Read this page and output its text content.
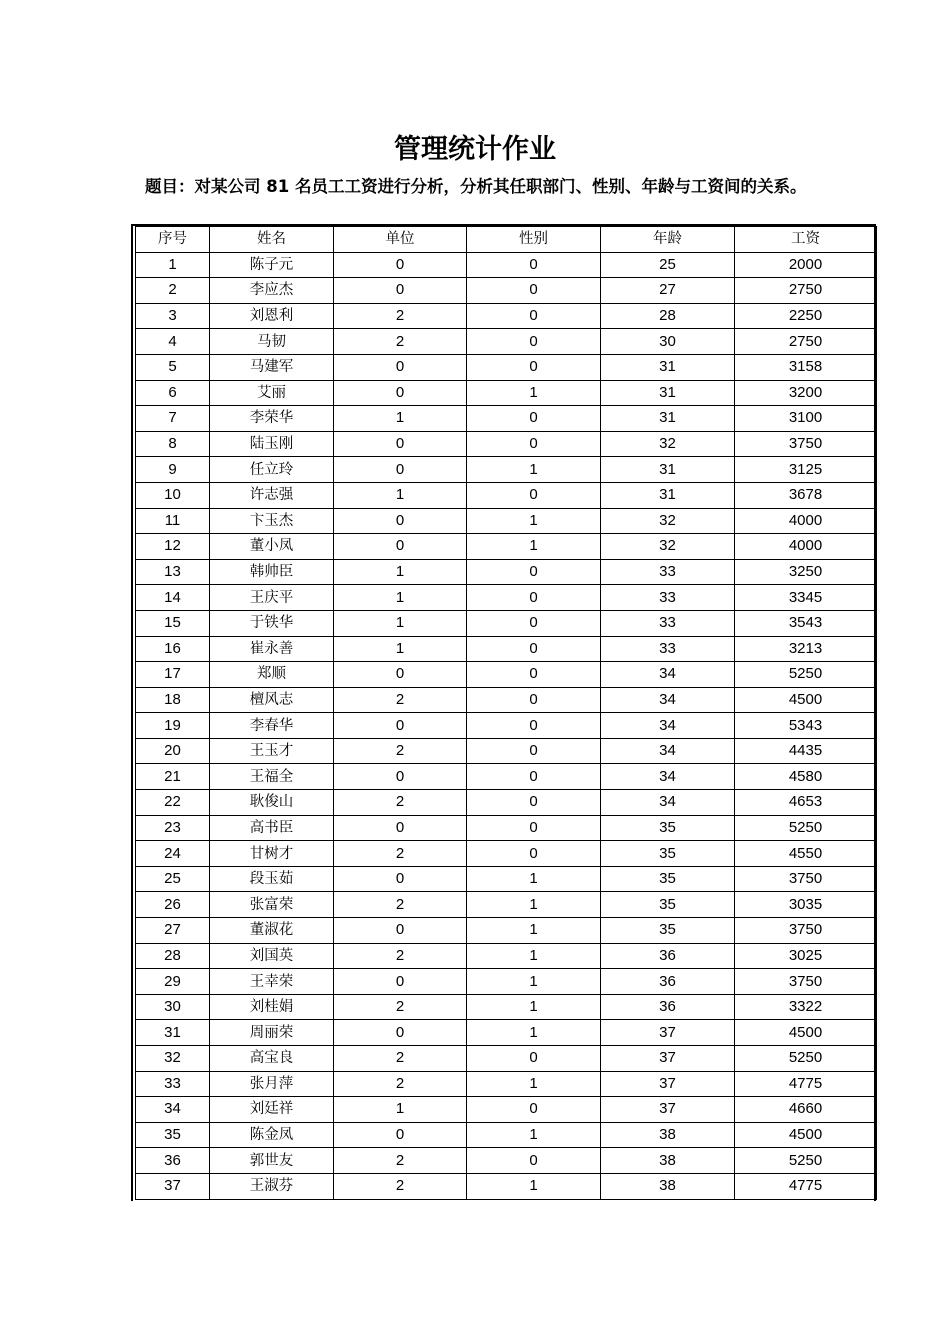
管理统计作业

题目：对某公司 81 名员工工资进行分析，分析其任职部门、性别、年龄与工资间的关系。

序号	姓名	单位	性别	年龄	工资
1	陈子元	0	0	25	2000
2	李应杰	0	0	27	2750
3	刘恩利	2	0	28	2250
4	马韧	2	0	30	2750
5	马建军	0	0	31	3158
6	艾丽	0	1	31	3200
7	李荣华	1	0	31	3100
8	陆玉刚	0	0	32	3750
9	任立玲	0	1	31	3125
10	许志强	1	0	31	3678
11	卞玉杰	0	1	32	4000
12	董小凤	0	1	32	4000
13	韩帅臣	1	0	33	3250
14	王庆平	1	0	33	3345
15	于铁华	1	0	33	3543
16	崔永善	1	0	33	3213
17	郑顺	0	0	34	5250
18	檀风志	2	0	34	4500
19	李春华	0	0	34	5343
20	王玉才	2	0	34	4435
21	王福全	0	0	34	4580
22	耿俊山	2	0	34	4653
23	高书臣	0	0	35	5250
24	甘树才	2	0	35	4550
25	段玉茹	0	1	35	3750
26	张富荣	2	1	35	3035
27	董淑花	0	1	35	3750
28	刘国英	2	1	36	3025
29	王幸荣	0	1	36	3750
30	刘桂娟	2	1	36	3322
31	周丽荣	0	1	37	4500
32	高宝良	2	0	37	5250
33	张月萍	2	1	37	4775
34	刘廷祥	1	0	37	4660
35	陈金凤	0	1	38	4500
36	郭世友	2	0	38	5250
37	王淑芬	2	1	38	4775
